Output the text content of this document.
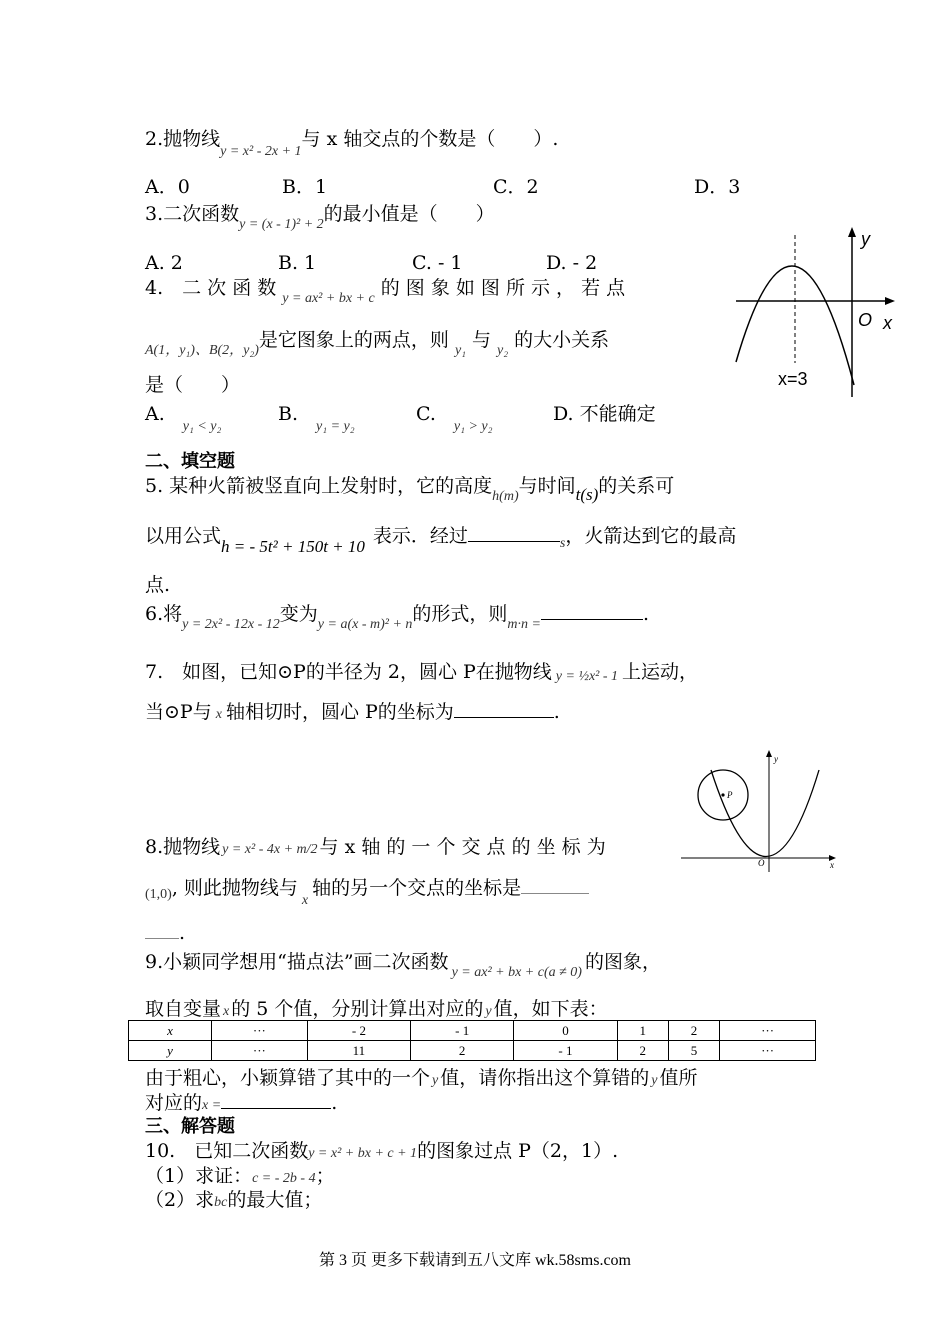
2.抛物线$_{y = x^2 - 2x + 1}$与 x 轴交点的个数是（　　）.
A．0	B．1	C．2	D．3
3.二次函数$_{y = (x - 1)^2 + 2}$的最小值是（　　）
A. 2	B. 1	C. - 1	D. - 2
4.　二 次 函 数 $_{y = ax^2 + bx + c}$ 的 图 象 如 图 所 示 ， 若 点
$_{A(1,y_1)、B(2,y_2)}$是它图象上的两点，则 $_{y_1}$ 与 $_{y_2}$ 的大小关系
是（　　）
$A._{y_1 < y_2}$
$B._{y_1 = y_2}$
$C._{y_1 > y_2}$
D. 不能确定
y
O x
x=3
二、填空题
5. 某种火箭被竖直向上发射时，它的高度$_{h(m)}$与时间t(s)的关系可
以用公式h = - 5t² + 150t + 10 表示．经过	$_s$，火箭达到它的最高
点.
6.将$_{y = 2x^2 - 12x - 12}$变为$_{y = a(x - m)^2 + n}$的形式，则$_{m\cdot n =}$	.
7.　如图，已知⊙P的半径为 2，圆心 P在抛物线 y = ½x² - 1 上运动，
当⊙P与 x 轴相切时，圆心 P的坐标为	.
P
y
O	x
8.抛物线 y = x² - 4x + m/2 与 x 轴 的 一 个 交 点 的 坐 标 为
$_{(1,0)}$, 则此抛物线与$_x$轴的另一个交点的坐标是
.
9.小颖同学想用“描点法”画二次函数 $_{y = ax^2 + bx + c(a \ne 0)}$ 的图象，
取自变量 x 的 5 个值，分别计算出对应的 y 值，如下表：
x	···	- 2	- 1	0	1	2	···
y	···	11	2	- 1	2	5	···
由于粗心，小颖算错了其中的一个 y 值，请你指出这个算错的 y 值所
对应的x =	.
三、解答题
10.　已知二次函数y = x² + bx + c + 1的图象过点 P（2，1）.
（1）求证：c = - 2b - 4；
（2）求bc的最大值；
第 3 页 更多下载请到五八文库 wk.58sms.com
